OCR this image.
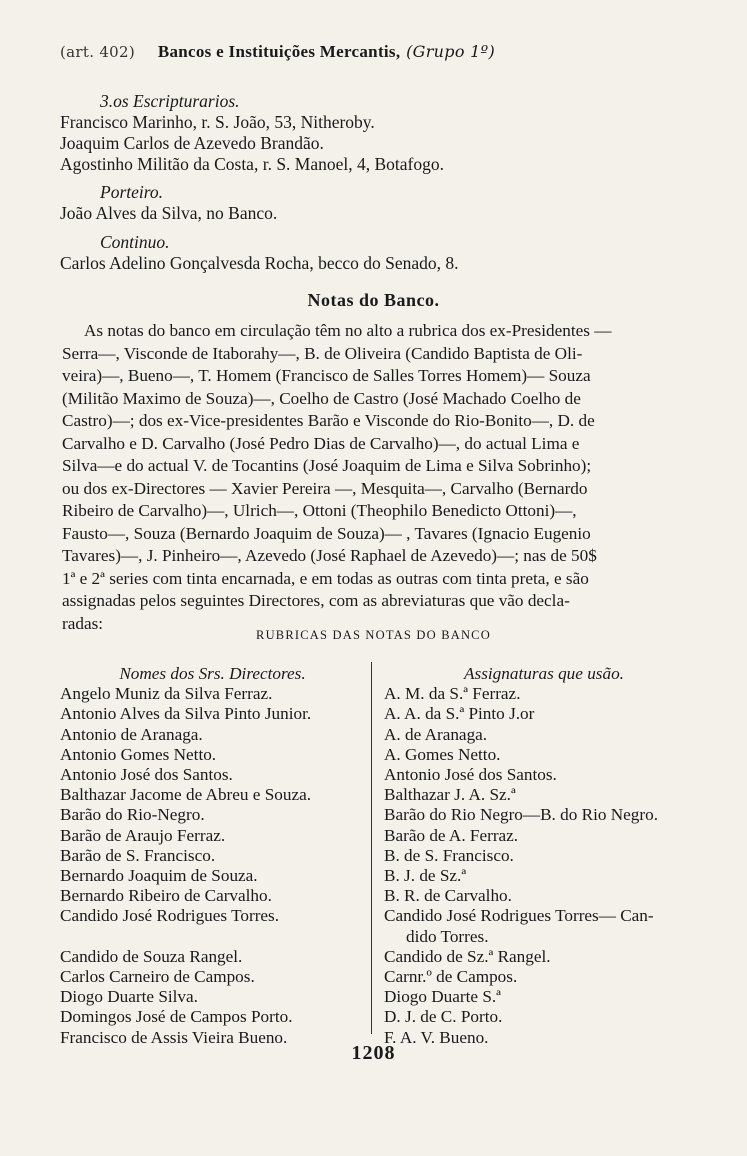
(art. 402) Bancos e Instituições Mercantis, (Grupo 1º)
3.os Escripturarios.
Francisco Marinho, r. S. João, 53, Nitheroby.
Joaquim Carlos de Azevedo Brandão.
Agostinho Militão da Costa, r. S. Manoel, 4, Botafogo.
Porteiro.
João Alves da Silva, no Banco.
Continuo.
Carlos Adelino Gonçalvesda Rocha, becco do Senado, 8.
Notas do Banco.
As notas do banco em circulação têm no alto a rubrica dos ex-Presidentes —
Serra—, Visconde de Itaborahy—, B. de Oliveira (Candido Baptista de Oli-
veira)—, Bueno—, T. Homem (Francisco de Salles Torres Homem)— Souza
(Militão Maximo de Souza)—, Coelho de Castro (José Machado Coelho de
Castro)—; dos ex-Vice-presidentes Barão e Visconde do Rio-Bonito—, D. de
Carvalho e D. Carvalho (José Pedro Dias de Carvalho)—, do actual Lima e
Silva—e do actual V. de Tocantins (José Joaquim de Lima e Silva Sobrinho);
ou dos ex-Directores — Xavier Pereira —, Mesquita—, Carvalho (Bernardo
Ribeiro de Carvalho)—, Ulrich—, Ottoni (Theophilo Benedicto Ottoni)—,
Fausto—, Souza (Bernardo Joaquim de Souza)— , Tavares (Ignacio Eugenio
Tavares)—, J. Pinheiro—, Azevedo (José Raphael de Azevedo)—; nas de 50$
1ª e 2ª series com tinta encarnada, e em todas as outras com tinta preta, e são
assignadas pelos seguintes Directores, com as abreviaturas que vão decla-
radas:
RUBRICAS DAS NOTAS DO BANCO
Nomes dos Srs. Directores.
Angelo Muniz da Silva Ferraz.
Antonio Alves da Silva Pinto Junior.
Antonio de Aranaga.
Antonio Gomes Netto.
Antonio José dos Santos.
Balthazar Jacome de Abreu e Souza.
Barão do Rio-Negro.
Barão de Araujo Ferraz.
Barão de S. Francisco.
Bernardo Joaquim de Souza.
Bernardo Ribeiro de Carvalho.
Candido José Rodrigues Torres.
Candido de Souza Rangel.
Carlos Carneiro de Campos.
Diogo Duarte Silva.
Domingos José de Campos Porto.
Francisco de Assis Vieira Bueno.
Assignaturas que usão.
A. M. da S.ª Ferraz.
A. A. da S.ª Pinto J.or
A. de Aranaga.
A. Gomes Netto.
Antonio José dos Santos.
Balthazar J. A. Sz.ª
Barão do Rio Negro—B. do Rio Negro.
Barão de A. Ferraz.
B. de S. Francisco.
B. J. de Sz.ª
B. R. de Carvalho.
Candido José Rodrigues Torres— Can-
dido Torres.
Candido de Sz.ª Rangel.
Carnr.º de Campos.
Diogo Duarte S.ª
D. J. de C. Porto.
F. A. V. Bueno.
1208
